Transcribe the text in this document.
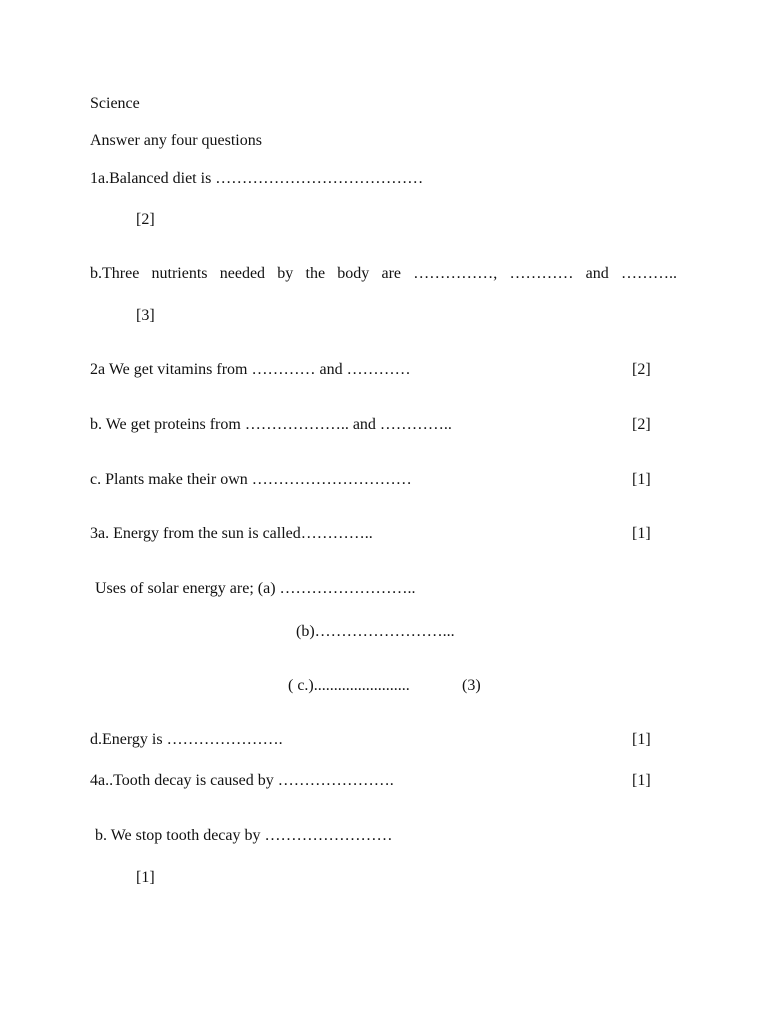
Science
Answer any four questions
1a.Balanced diet is …………………………………
[2]
b.Three nutrients needed by the body are ……………, ………… and ………..
[3]
2a We get vitamins from ………… and …………	[2]
b. We get proteins from ……………….. and …………..	[2]
c. Plants make their own …………………………	[1]
3a. Energy from the sun is called…………..	[1]
Uses of solar energy are; (a) ……………………..
(b)……………………...
( c.)........................	(3)
d.Energy is ………………….	[1]
4a..Tooth decay is caused by ………………….	[1]
b. We stop tooth decay by ……………………
[1]
